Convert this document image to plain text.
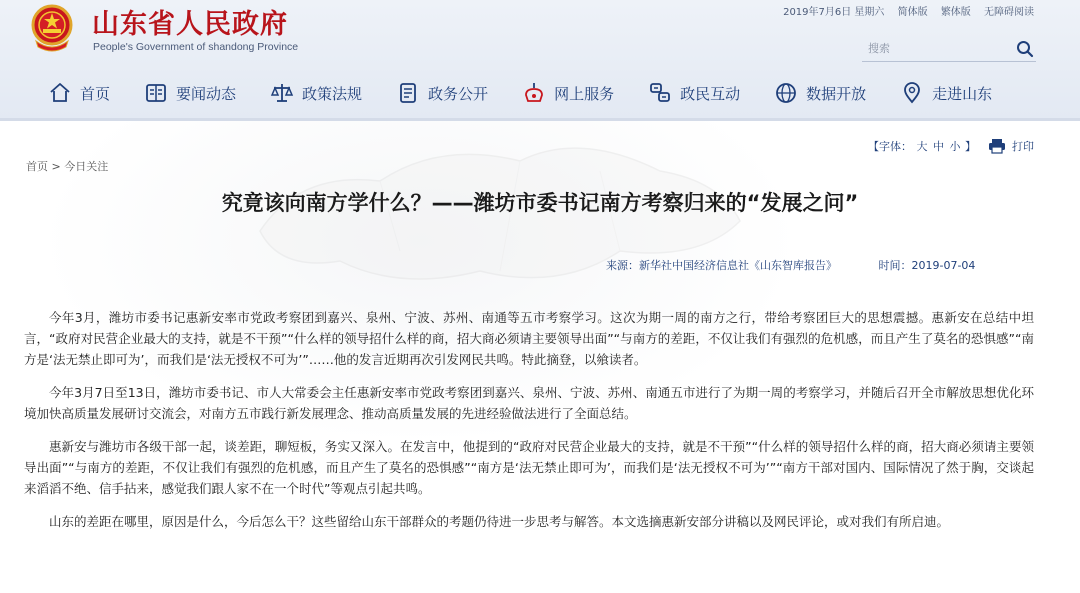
山东省人民政府
People's Government of shandong Province
2019年7月6日 星期六 简体版 繁体版 无障碍阅读
搜索
首页	要闻动态	政策法规	政务公开	网上服务	政民互动	数据开放	走进山东
【字体： 大 中 小 】	打印
首页 > 今日关注
究竟该向南方学什么？——潍坊市委书记南方考察归来的“发展之问”
来源：新华社中国经济信息社《山东智库报告》	时间：2019-07-04

今年3月，潍坊市委书记惠新安率市党政考察团到嘉兴、泉州、宁波、苏州、南通等五市考察学习。这次为期一周的南方之行，带给考察团巨大的思想震撼。惠新安在总结中坦言，“政府对民营企业最大的支持，就是不干预”“什么样的领导招什么样的商，招大商必须请主要领导出面”“与南方的差距，不仅让我们有强烈的危机感，而且产生了莫名的恐惧感”“南方是‘法无禁止即可为’，而我们是‘法无授权不可为’”……他的发言近期再次引发网民共鸣。特此摘登，以飨读者。

今年3月7日至13日，潍坊市委书记、市人大常委会主任惠新安率市党政考察团到嘉兴、泉州、宁波、苏州、南通五市进行了为期一周的考察学习，并随后召开全市解放思想优化环境加快高质量发展研讨交流会，对南方五市践行新发展理念、推动高质量发展的先进经验做法进行了全面总结。

惠新安与潍坊市各级干部一起，谈差距，聊短板，务实又深入。在发言中，他提到的“政府对民营企业最大的支持，就是不干预”“什么样的领导招什么样的商，招大商必须请主要领导出面”“与南方的差距，不仅让我们有强烈的危机感，而且产生了莫名的恐惧感”“南方是‘法无禁止即可为’，而我们是‘法无授权不可为’”“南方干部对国内、国际情况了然于胸，交谈起来滔滔不绝、信手拈来，感觉我们跟人家不在一个时代”等观点引起共鸣。

山东的差距在哪里，原因是什么，今后怎么干？这些留给山东干部群众的考题仍待进一步思考与解答。本文选摘惠新安部分讲稿以及网民评论，或对我们有所启迪。
